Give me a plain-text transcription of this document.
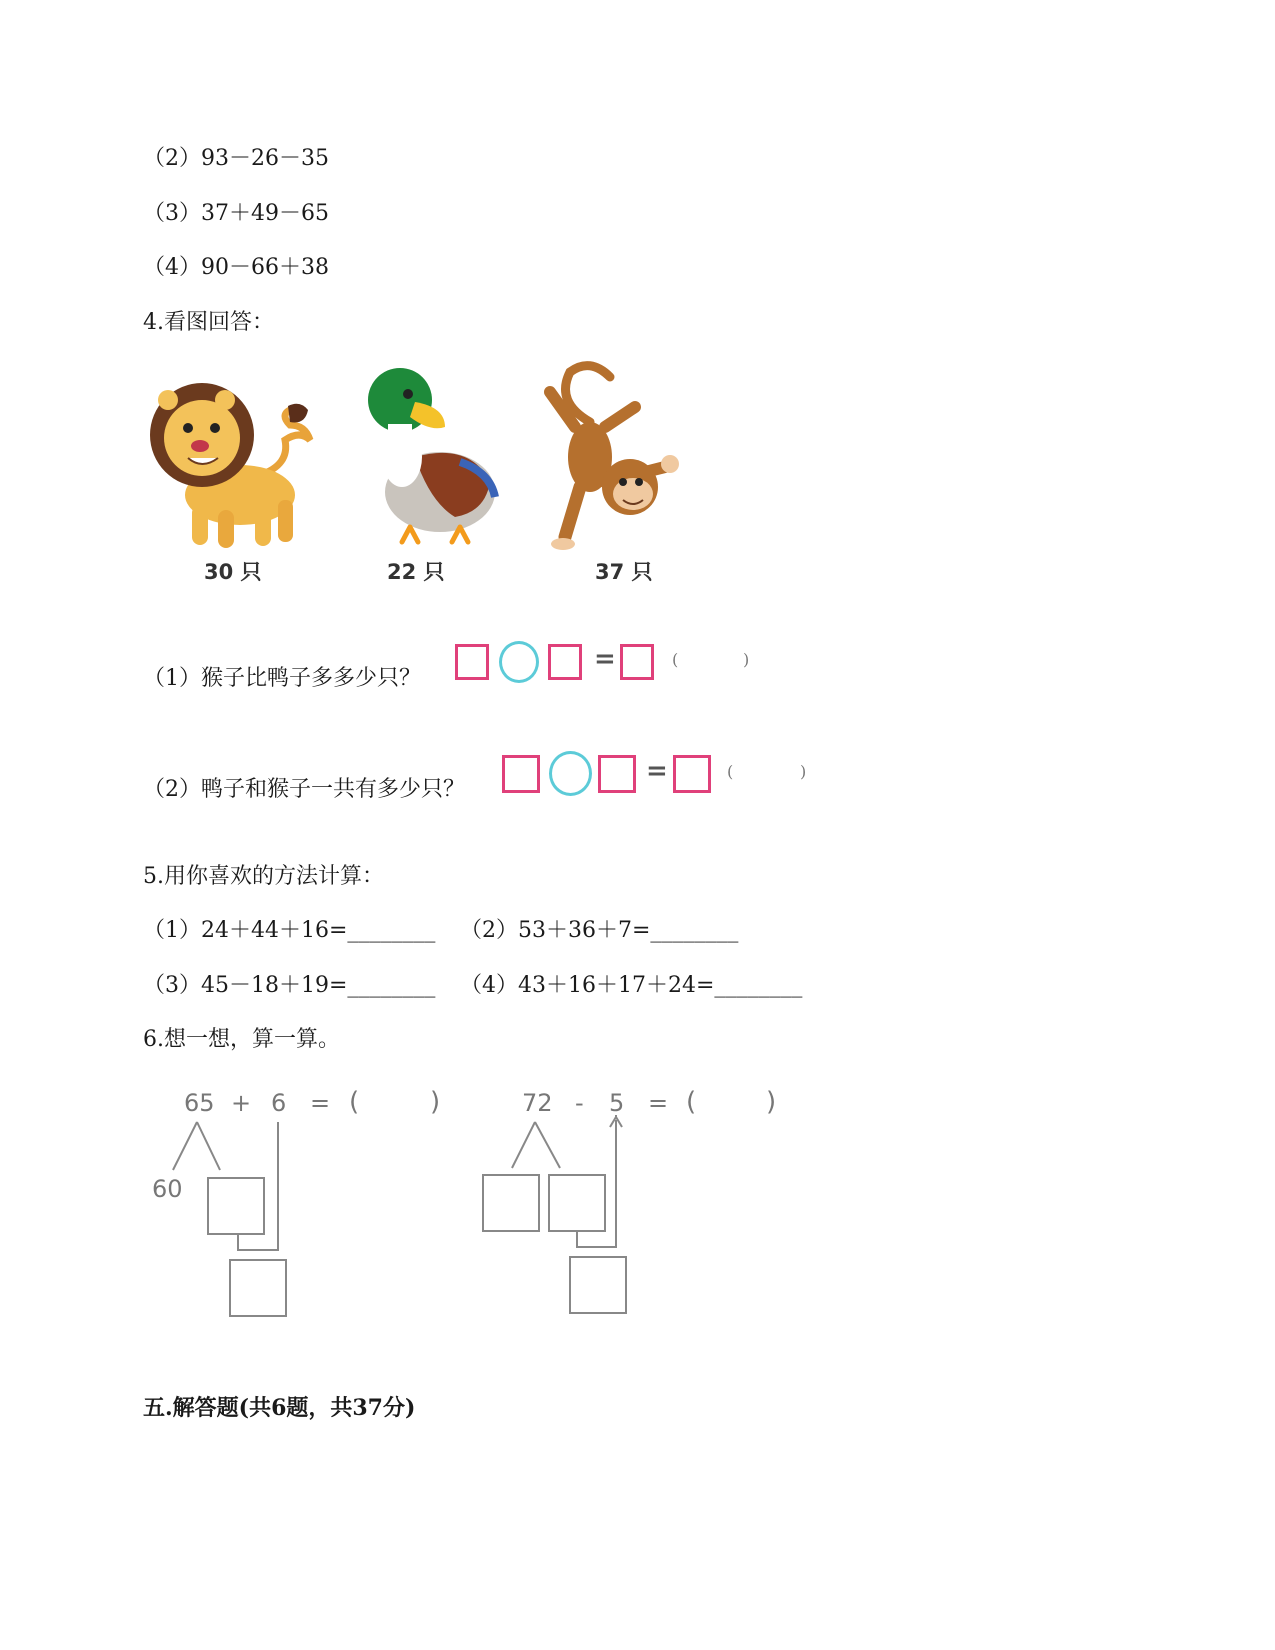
（2）93－26－35
（3）37＋49－65
（4）90－66＋38
4.看图回答：
30 只	22 只	37 只
（1）猴子比鸭子多多少只？
=	(	)
（2）鸭子和猴子一共有多少只？
=	(	)
5.用你喜欢的方法计算：
（1）24＋44＋16=________ （2）53＋36＋7=________
（3）45－18＋19=________ （4）43＋16＋17＋24=________
6.想一想，算一算。
65 + 6 = (	)
60
72 - 5 = (	)
五.解答题(共6题，共37分)
